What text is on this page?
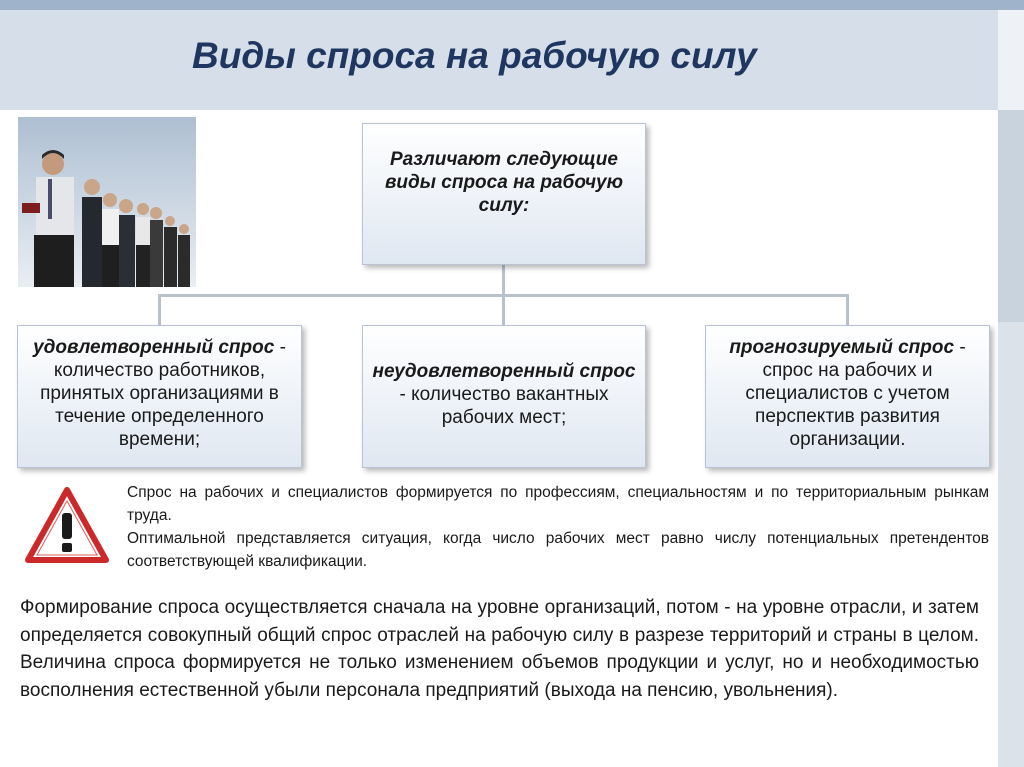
Виды спроса на рабочую силу
Различают следующие виды спроса на рабочую силу:
удовлетворенный спрос - количество работников, принятых организациями в течение определенного времени;
неудовлетворенный спрос - количество вакантных рабочих мест;
прогнозируемый спрос - спрос на рабочих и специалистов с учетом перспектив развития организации.

Спрос на рабочих и специалистов формируется по профессиям, специальностям и по территориальным рынкам труда.

Оптимальной представляется ситуация, когда число рабочих мест равно числу потенциальных претендентов соответствующей квалификации.

Формирование спроса осуществляется сначала на уровне организаций, потом - на уровне отрасли, и затем определяется совокупный общий спрос отраслей на рабочую силу в разрезе территорий и страны в целом. Величина спроса формируется не только изменением объемов продукции и услуг, но и необходимостью восполнения естественной убыли персонала предприятий (выхода на пенсию, увольнения).
